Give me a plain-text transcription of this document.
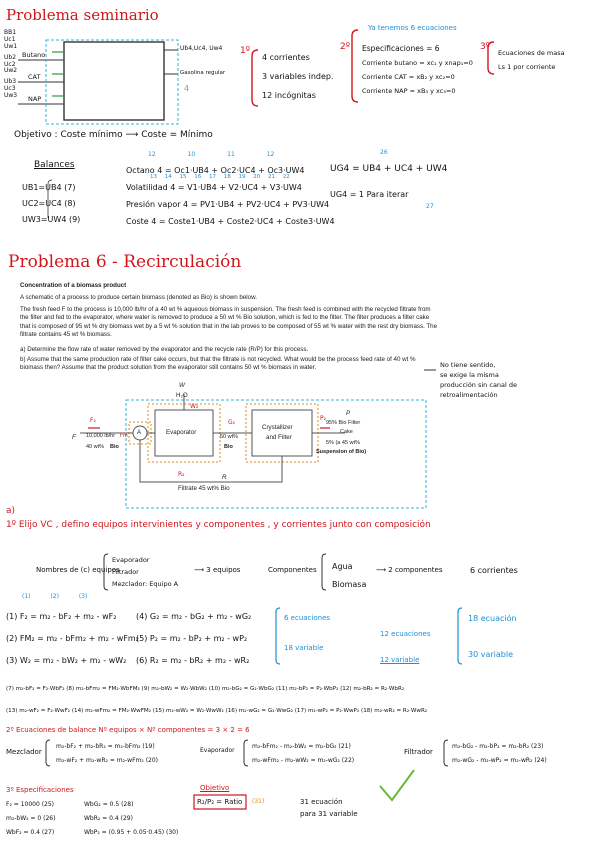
Problema seminario
BB1
Uc1
Uw1
Ub2
Uc2
Uw2
Ub3
Uc3
Uw3
Butano
CAT
NAP
Ub4,Uc4, Uw4
Gasolina regular
4
1º
4 corrientes
3 variables indep.
12 incógnitas
Ya tenemos 6 ecuaciones
2º Especificaciones = 6
Corriente butano = xc₁ y xnap₁=0
Corriente CAT = xB₂ y xc₂=0
Corriente NAP = xB₃ y xc₃=0
3º
Ecuaciones de masa
Ls 1 por corriente
Objetivo : Coste mínimo ⟶ Coste = Mínimo
Balances
UB1=UB4 (7)
UC2=UC4 (8)
UW3=UW4 (9)
12	10	11	12
Octano 4 = Oc1·UB4 + Oc2·UC4 + Oc3·UW4
Volatilidad 4 = V1·UB4 + V2·UC4 + V3·UW4
Presión vapor 4 = PV1·UB4 + PV2·UC4 + PV3·UW4
Coste 4 = Coste1·UB4 + Coste2·UC4 + Coste3·UW4
13 14 15 16 17 18 19 20 21 22
26
UG4 = UB4 + UC4 + UW4
UG4 = 1 Para iterar
27
Problema 6 - Recirculación
Concentration of a biomass product
A schematic of a process to produce certain biomass (denoted as Bio) is shown below.
The fresh feed F to the process is 10,000 lb/hr of a 40 wt % aqueous biomass in suspension. The fresh feed is combined with the recycled filtrate from the filter and fed to the evaporator, where water is removed to produce a 50 wt % Bio solution, which is fed to the filter. The filter produces a filter cake that is composed of 95 wt % dry biomass wet by a 5 wt % solution that in the lab proves to be composed of 55 wt % water with the rest dry biomass. The filtrate contains 45 wt % biomass.
a) Determine the flow rate of water removed by the evaporator and the recycle rate (R/P) for this process.
b) Assume that the same production rate of filter cake occurs, but that the filtrate is not recycled. What would be the process feed rate of 40 wt % biomass then? Assume that the product solution from the evaporator still contains 50 wt % biomass in water.	No tiene sentido,
se exige la misma
producción sin canal de
retroalimentación
W
H₂O
W₂
F
F₂
Fm
10,000 lb/hr
40 wt% Bio
A	Evaporator
G₂
50 wt%
Bio
Crystallizer
and Filter
P
P₂
95% Bio Filter
Cake
5% (a 45 wt%
Suspension of Bio)
R
R₂
Filtrate 45 wt% Bio
a)
1º Elijo VC , defino equipos intervinientes y componentes , y corrientes junto con composición
Nombres de (c) equipos
Evaporador
Filtrador
Mezclador: Equipo A
⟶ 3 equipos	Componentes Agua
Biomasa
⟶ 2 componentes	6 corrientes
(1)	(2)	(3)
(1) F₂ = m₂ - bF₂ + m₂ - wF₂
(2) FM₂ = m₂ - bFm₂ + m₂ - wFm₂
(3) W₂ = m₂ - bW₂ + m₂ - wW₂
(4) G₂ = m₂ - bG₂ + m₂ - wG₂
(5) P₂ = m₂ - bP₂ + m₂ - wP₂
(6) R₂ = m₂ - bR₂ + m₂ - wR₂
6 ecuaciones
18 variable
12 ecuaciones
12 variable
18 ecuación
30 variable
(7) m₂-bF₂ = F₂·WbF₂ (8) m₂-bFm₂ = FM₂·WbFM₂ (9) m₂-bW₂ = W₂·WbW₂ (10) m₂-bG₂ = G₂·WbG₂ (11) m₂-bP₂ = P₂·WbP₂ (12) m₂-bR₂ = R₂·WbR₂
(13) m₂-wF₂ = F₂·WwF₂ (14) m₂-wFm₂ = FM₂·WwFM₂ (15) m₂-wW₂ = W₂·WwW₂ (16) m₂-wG₂ = G₂·WwG₂ (17) m₂-wP₂ = P₂·WwP₂ (18) m₂-wR₂ = R₂·WwR₂
2º Ecuaciones de balance Nº equipos × Nº componentes = 3 × 2 = 6
Mezclador
m₂-bF₂ + m₂-bR₂ = m₂-bFm₂ (19)
m₂-wF₂ + m₂-wR₂ = m₂-wFm₂ (20)
Evaporador
m₂-bFm₂ - m₂-bW₂ = m₂-bG₂ (21)
m₂-wFm₂ - m₂-wW₂ = m₂-wG₂ (22)
Filtrador
m₂-bG₂ - m₂-bP₂ = m₂-bR₂ (23)
m₂-wG₂ - m₂-wP₂ = m₂-wR₂ (24)
3º Especificaciones
F₂ = 10000 (25)
m₂-bW₂ = 0 (26)
WbF₂ = 0.4 (27)
WbG₂ = 0.5 (28)
WbR₂ = 0.4 (29)
WbP₂ = (0.95 + 0.05·0.45) (30)
Objetivo
R₂/P₂ = Ratio (31)	31 ecuación
para 31 variable
